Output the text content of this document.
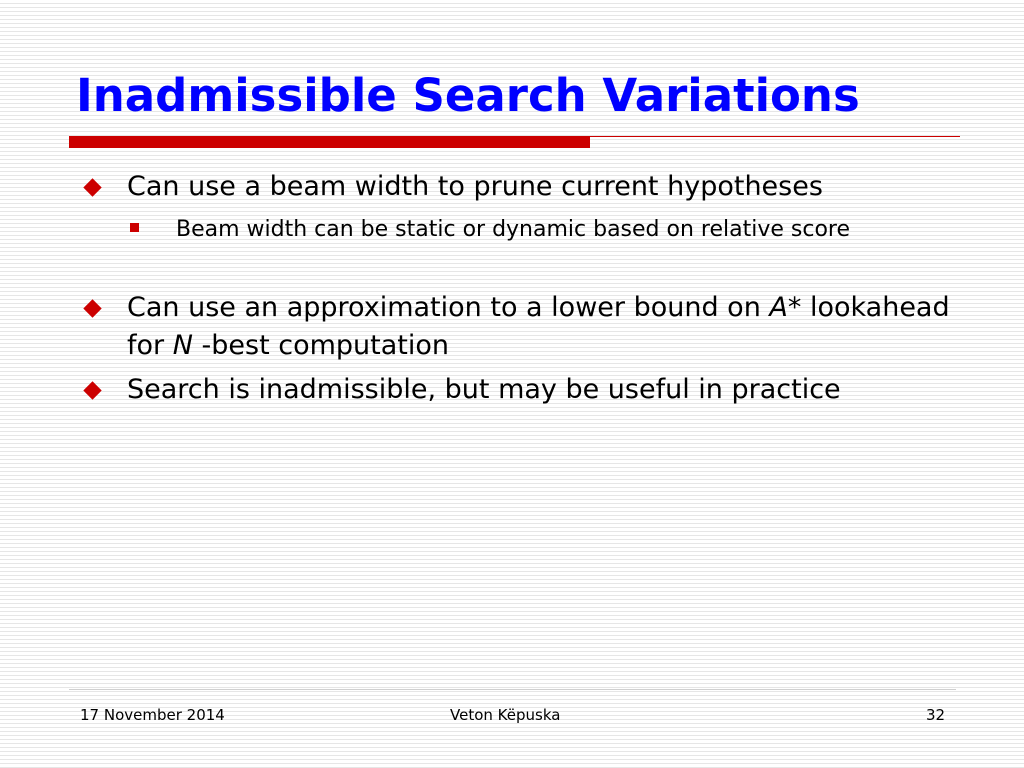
Inadmissible Search Variations
Can use a beam width to prune current hypotheses
Beam width can be static or dynamic based on relative score
Can use an approximation to a lower bound on A* lookahead for N -best computation
Search is inadmissible, but may be useful in practice
17 November 2014	Veton Këpuska	32
